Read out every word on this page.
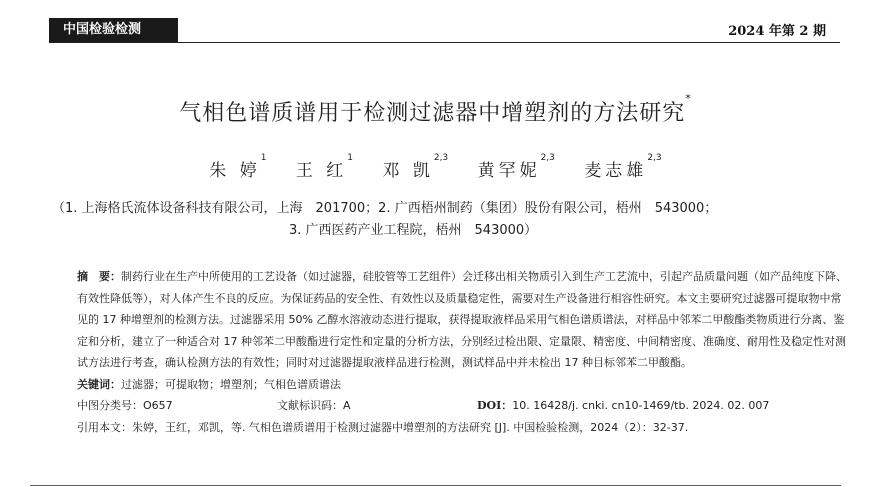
中国检验检测	2024 年第 2 期
气相色谱质谱用于检测过滤器中增塑剂的方法研究*
朱 婷$^1$ 王 红$^1$ 邓 凯$^{2,3}$ 黄罕妮$^{2,3}$ 麦志雄$^{2,3}$
（1. 上海格氏流体设备科技有限公司，上海　201700；2. 广西梧州制药（集团）股份有限公司，梧州　543000；
3. 广西医药产业工程院，梧州　543000）

摘　要：制药行业在生产中所使用的工艺设备（如过滤器，硅胶管等工艺组件）会迁移出相关物质引入到生产工艺流中，引起产品质量问题（如产品纯度下降、有效性降低等），对人体产生不良的反应。为保证药品的安全性、有效性以及质量稳定性，需要对生产设备进行相容性研究。本文主要研究过滤器可提取物中常见的 17 种增塑剂的检测方法。过滤器采用 50% 乙醇水溶液动态进行提取，获得提取液样品采用气相色谱质谱法，对样品中邻苯二甲酸酯类物质进行分离、鉴定和分析，建立了一种适合对 17 种邻苯二甲酸酯进行定性和定量的分析方法，分别经过检出限、定量限、精密度、中间精密度、准确度、耐用性及稳定性对测试方法进行考查，确认检测方法的有效性；同时对过滤器提取液样品进行检测，测试样品中并未检出 17 种目标邻苯二甲酸酯。

关键词：过滤器；可提取物；增塑剂；气相色谱质谱法

中图分类号：O657	文献标识码：A	DOI：10. 16428/j. cnki. cn10-1469/tb. 2024. 02. 007

引用本文：朱婷，王红，邓凯，等. 气相色谱质谱用于检测过滤器中增塑剂的方法研究 [J]. 中国检验检测，2024（2）：32-37.
